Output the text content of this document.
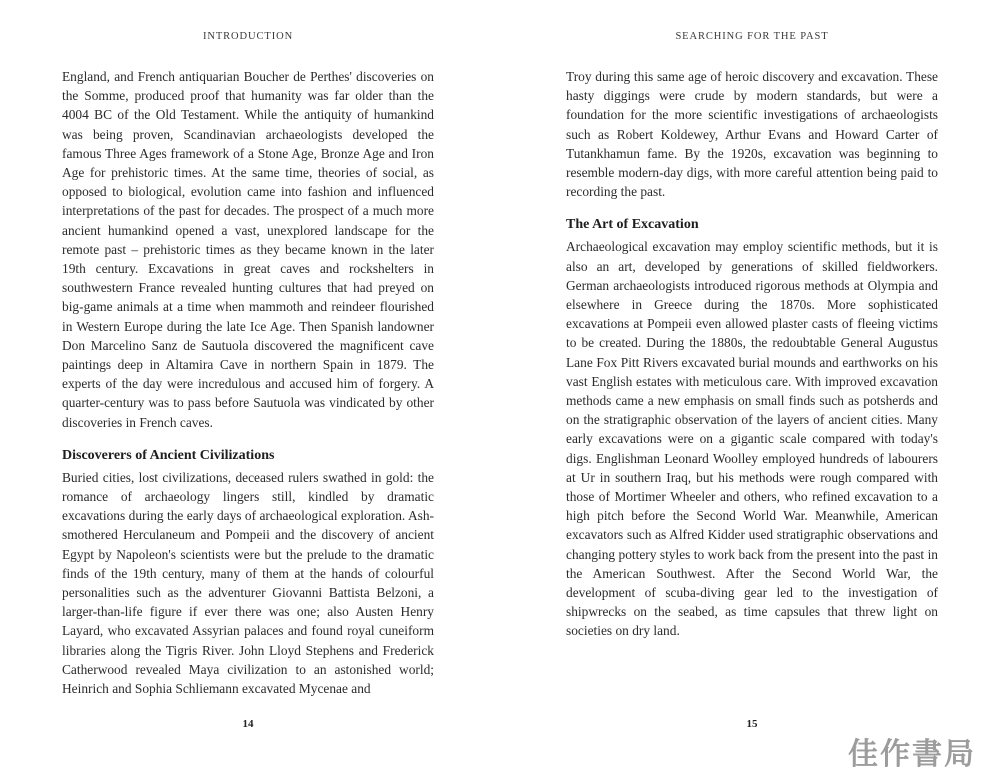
INTRODUCTION

England, and French antiquarian Boucher de Perthes' discoveries on the Somme, produced proof that humanity was far older than the 4004 BC of the Old Testament. While the antiquity of humankind was being proven, Scandinavian archaeologists developed the famous Three Ages framework of a Stone Age, Bronze Age and Iron Age for prehistoric times. At the same time, theories of social, as opposed to biological, evolution came into fashion and influenced interpretations of the past for decades. The prospect of a much more ancient humankind opened a vast, unexplored landscape for the remote past – prehistoric times as they became known in the later 19th century. Excavations in great caves and rockshelters in southwestern France revealed hunting cultures that had preyed on big-game animals at a time when mammoth and reindeer flourished in Western Europe during the late Ice Age. Then Spanish landowner Don Marcelino Sanz de Sautuola discovered the magnificent cave paintings deep in Altamira Cave in northern Spain in 1879. The experts of the day were incredulous and accused him of forgery. A quarter-century was to pass before Sautuola was vindicated by other discoveries in French caves.

Discoverers of Ancient Civilizations

Buried cities, lost civilizations, deceased rulers swathed in gold: the romance of archaeology lingers still, kindled by dramatic excavations during the early days of archaeological exploration. Ash-smothered Herculaneum and Pompeii and the discovery of ancient Egypt by Napoleon's scientists were but the prelude to the dramatic finds of the 19th century, many of them at the hands of colourful personalities such as the adventurer Giovanni Battista Belzoni, a larger-than-life figure if ever there was one; also Austen Henry Layard, who excavated Assyrian palaces and found royal cuneiform libraries along the Tigris River. John Lloyd Stephens and Frederick Catherwood revealed Maya civilization to an astonished world; Heinrich and Sophia Schliemann excavated Mycenae and

14
SEARCHING FOR THE PAST

Troy during this same age of heroic discovery and excavation. These hasty diggings were crude by modern standards, but were a foundation for the more scientific investigations of archaeologists such as Robert Koldewey, Arthur Evans and Howard Carter of Tutankhamun fame. By the 1920s, excavation was beginning to resemble modern-day digs, with more careful attention being paid to recording the past.

The Art of Excavation

Archaeological excavation may employ scientific methods, but it is also an art, developed by generations of skilled fieldworkers. German archaeologists introduced rigorous methods at Olympia and elsewhere in Greece during the 1870s. More sophisticated excavations at Pompeii even allowed plaster casts of fleeing victims to be created. During the 1880s, the redoubtable General Augustus Lane Fox Pitt Rivers excavated burial mounds and earthworks on his vast English estates with meticulous care. With improved excavation methods came a new emphasis on small finds such as potsherds and on the stratigraphic observation of the layers of ancient cities. Many early excavations were on a gigantic scale compared with today's digs. Englishman Leonard Woolley employed hundreds of labourers at Ur in southern Iraq, but his methods were rough compared with those of Mortimer Wheeler and others, who refined excavation to a high pitch before the Second World War. Meanwhile, American excavators such as Alfred Kidder used stratigraphic observations and changing pottery styles to work back from the present into the past in the American Southwest. After the Second World War, the development of scuba-diving gear led to the investigation of shipwrecks on the seabed, as time capsules that threw light on societies on dry land.

15
佳作書局
